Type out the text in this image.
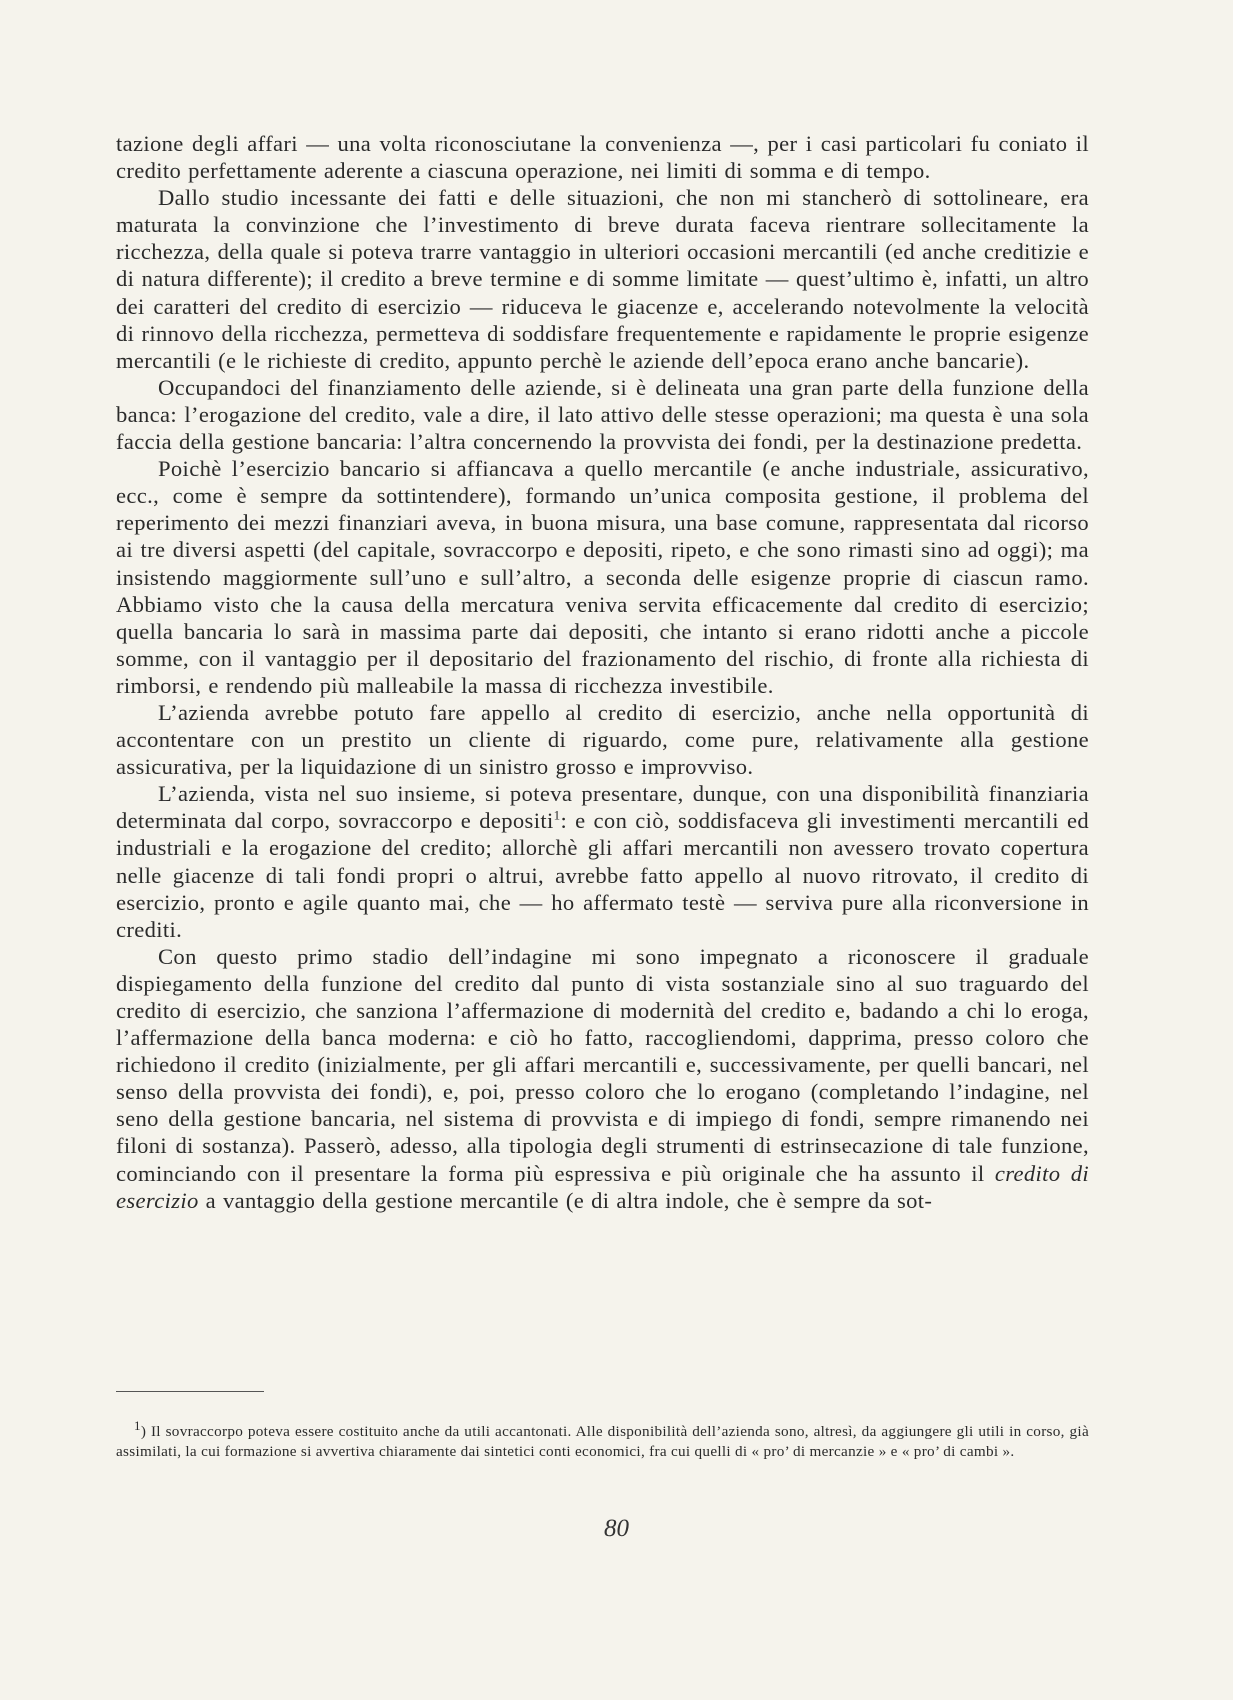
tazione degli affari — una volta riconosciutane la convenienza —, per i casi particolari fu coniato il credito perfettamente aderente a ciascuna operazione, nei limiti di somma e di tempo.

Dallo studio incessante dei fatti e delle situazioni, che non mi stancherò di sottolineare, era maturata la convinzione che l’investimento di breve durata faceva rientrare sollecitamente la ricchezza, della quale si poteva trarre vantaggio in ulteriori occasioni mercantili (ed anche creditizie e di natura differente); il credito a breve termine e di somme limitate — quest’ultimo è, infatti, un altro dei caratteri del credito di esercizio — riduceva le giacenze e, accelerando notevolmente la velocità di rinnovo della ricchezza, permetteva di soddisfare frequentemente e rapidamente le proprie esigenze mercantili (e le richieste di credito, appunto perchè le aziende dell’epoca erano anche bancarie).

Occupandoci del finanziamento delle aziende, si è delineata una gran parte della funzione della banca: l’erogazione del credito, vale a dire, il lato attivo delle stesse operazioni; ma questa è una sola faccia della gestione bancaria: l’altra concernendo la provvista dei fondi, per la destinazione predetta.

Poichè l’esercizio bancario si affiancava a quello mercantile (e anche industriale, assicurativo, ecc., come è sempre da sottintendere), formando un’unica composita gestione, il problema del reperimento dei mezzi finanziari aveva, in buona misura, una base comune, rappresentata dal ricorso ai tre diversi aspetti (del capitale, sovraccorpo e depositi, ripeto, e che sono rimasti sino ad oggi); ma insistendo maggiormente sull’uno e sull’altro, a seconda delle esigenze proprie di ciascun ramo. Abbiamo visto che la causa della mercatura veniva servita efficacemente dal credito di esercizio; quella bancaria lo sarà in massima parte dai depositi, che intanto si erano ridotti anche a piccole somme, con il vantaggio per il depositario del frazionamento del rischio, di fronte alla richiesta di rimborsi, e rendendo più malleabile la massa di ricchezza investibile.

L’azienda avrebbe potuto fare appello al credito di esercizio, anche nella opportunità di accontentare con un prestito un cliente di riguardo, come pure, relativamente alla gestione assicurativa, per la liquidazione di un sinistro grosso e improvviso.

L’azienda, vista nel suo insieme, si poteva presentare, dunque, con una disponibilità finanziaria determinata dal corpo, sovraccorpo e depositi$^1$: e con ciò, soddisfaceva gli investimenti mercantili ed industriali e la erogazione del credito; allorchè gli affari mercantili non avessero trovato copertura nelle giacenze di tali fondi propri o altrui, avrebbe fatto appello al nuovo ritrovato, il credito di esercizio, pronto e agile quanto mai, che — ho affermato testè — serviva pure alla riconversione in crediti.

Con questo primo stadio dell’indagine mi sono impegnato a riconoscere il graduale dispiegamento della funzione del credito dal punto di vista sostanziale sino al suo traguardo del credito di esercizio, che sanziona l’affermazione di modernità del credito e, badando a chi lo eroga, l’affermazione della banca moderna: e ciò ho fatto, raccogliendomi, dapprima, presso coloro che richiedono il credito (inizialmente, per gli affari mercantili e, successivamente, per quelli bancari, nel senso della provvista dei fondi), e, poi, presso coloro che lo erogano (completando l’indagine, nel seno della gestione bancaria, nel sistema di provvista e di impiego di fondi, sempre rimanendo nei filoni di sostanza). Passerò, adesso, alla tipologia degli strumenti di estrinsecazione di tale funzione, cominciando con il presentare la forma più espressiva e più originale che ha assunto il credito di esercizio a vantaggio della gestione mercantile (e di altra indole, che è sempre da sot-

$^1$) Il sovraccorpo poteva essere costituito anche da utili accantonati. Alle disponibilità dell’azienda sono, altresì, da aggiungere gli utili in corso, già assimilati, la cui formazione si avvertiva chiaramente dai sintetici conti economici, fra cui quelli di « pro’ di mercanzie » e « pro’ di cambi ».

80
